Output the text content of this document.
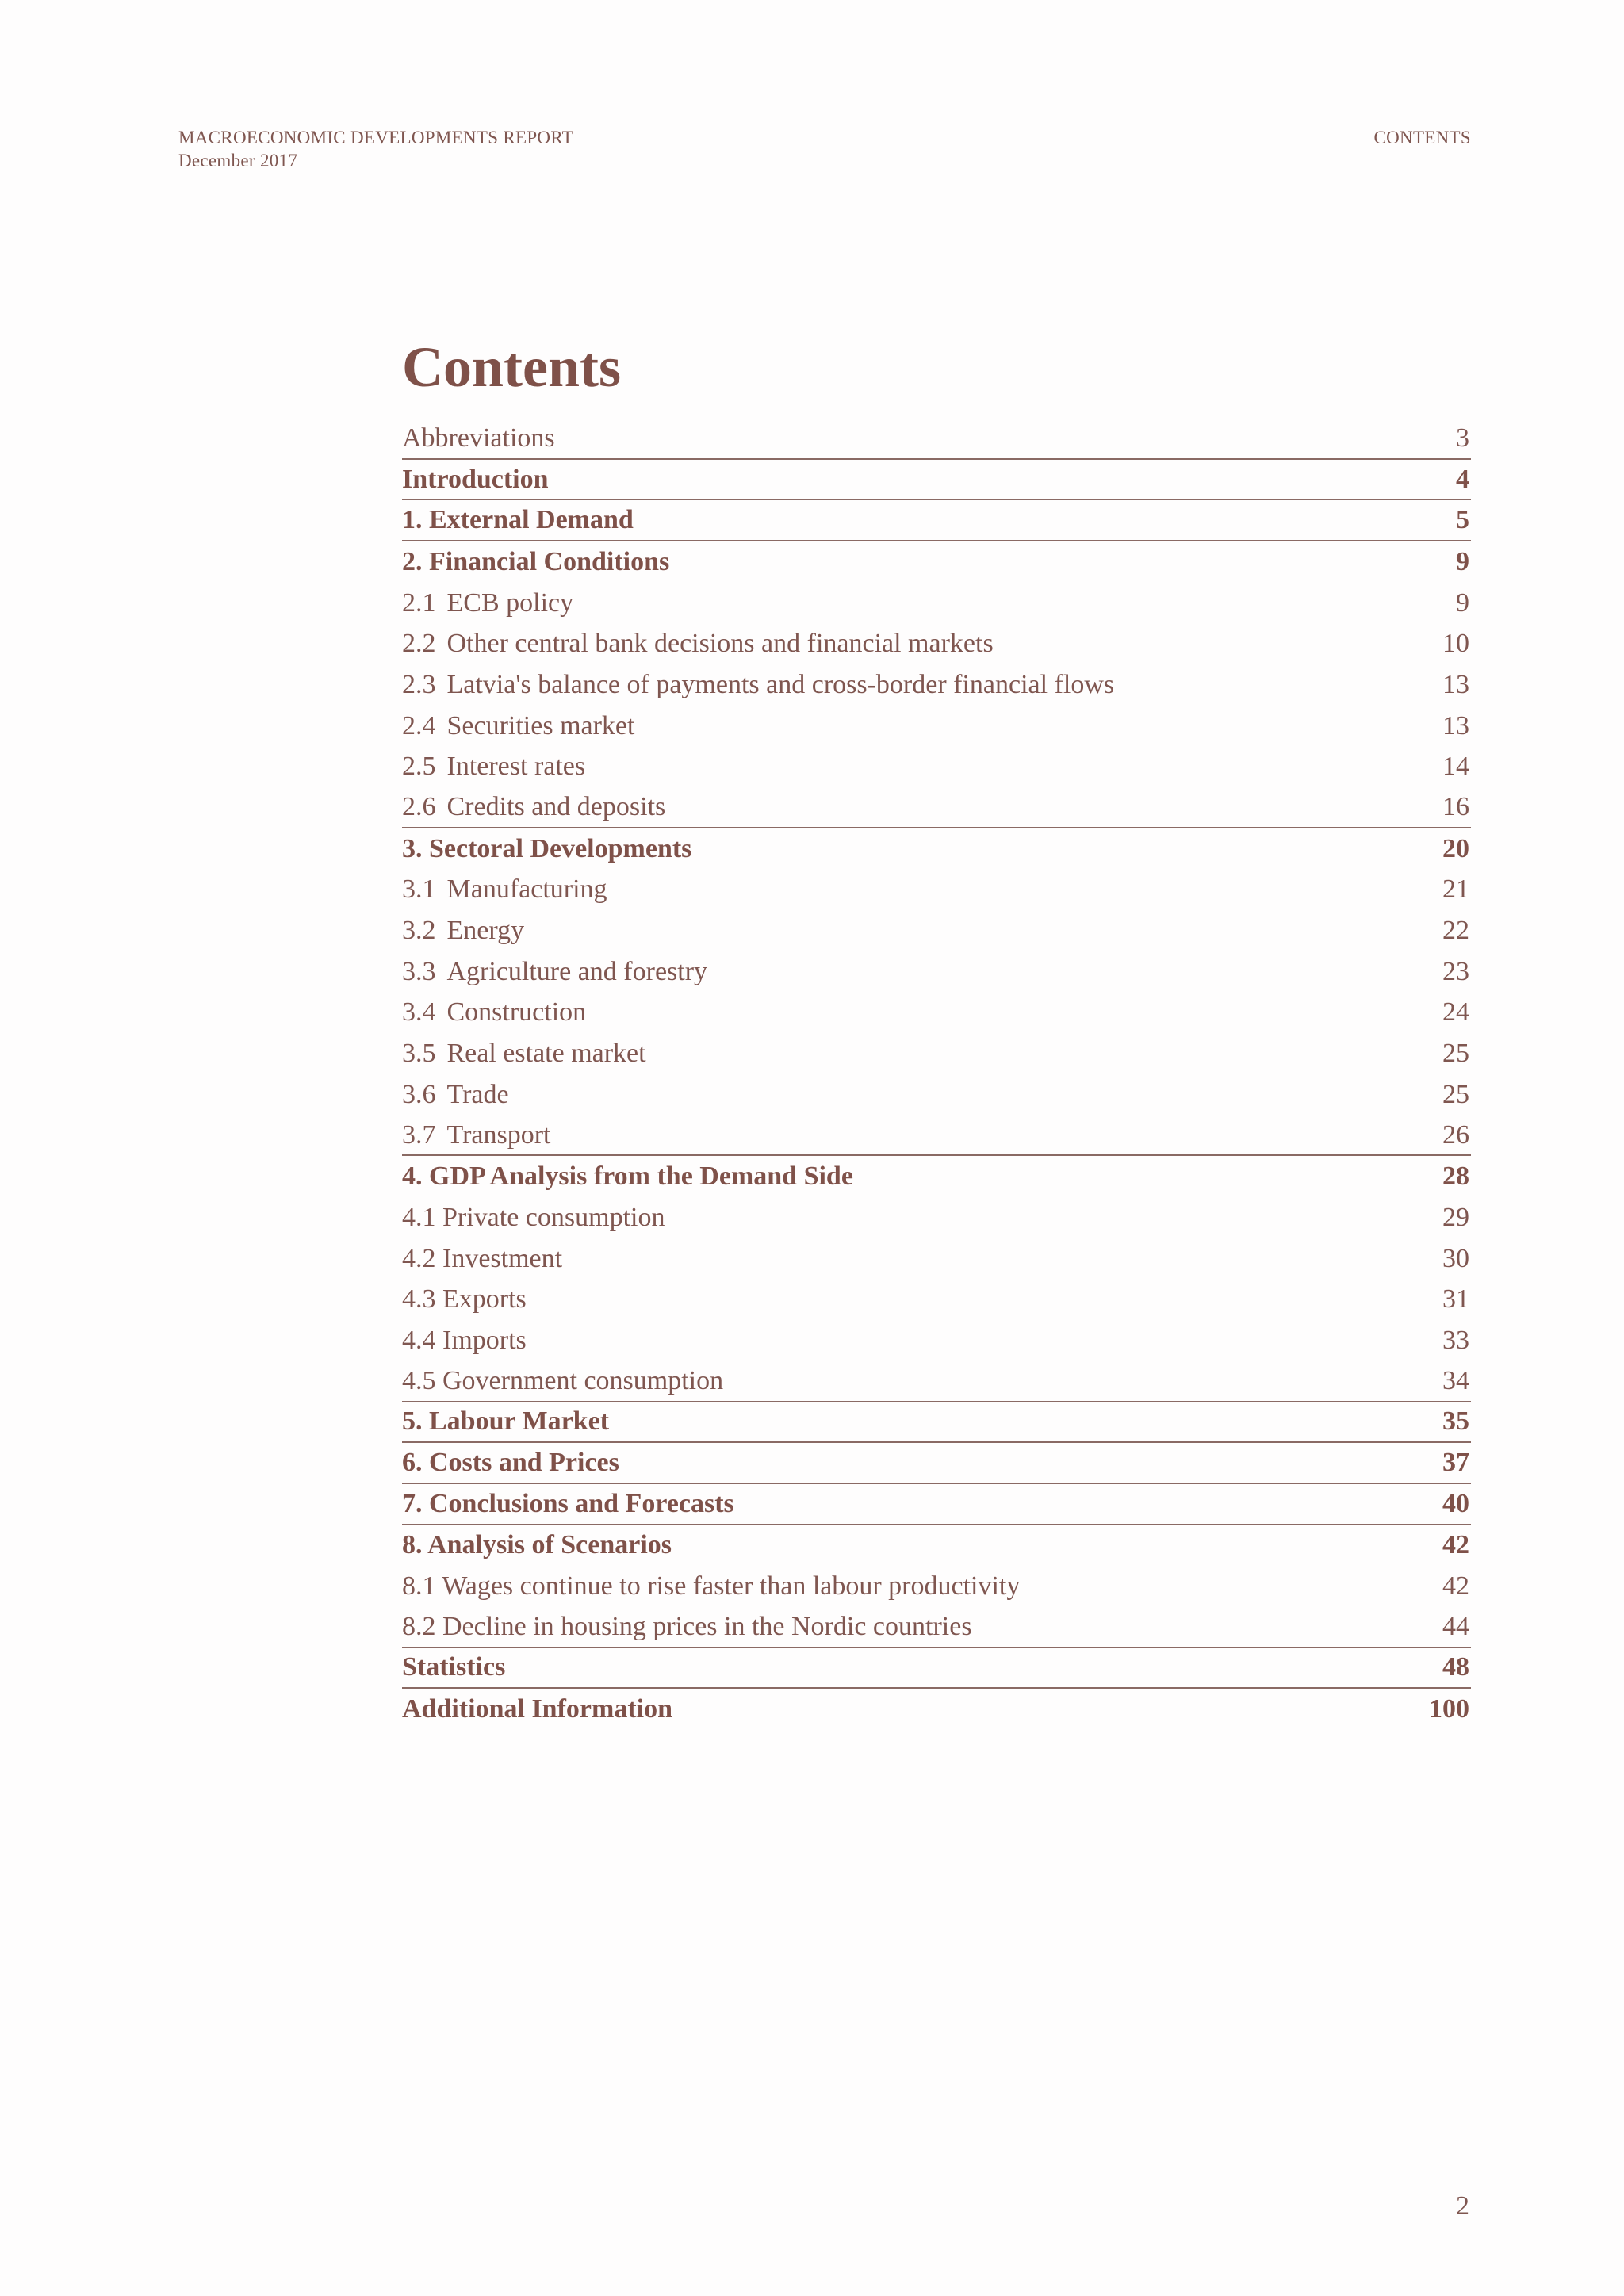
MACROECONOMIC DEVELOPMENTS REPORT
December 2017
CONTENTS
Contents
Abbreviations	3
Introduction	4
1. External Demand	5
2. Financial Conditions	9
2.1 ECB policy	9
2.2 Other central bank decisions and financial markets	10
2.3 Latvia's balance of payments and cross-border financial flows	13
2.4 Securities market	13
2.5 Interest rates	14
2.6 Credits and deposits	16
3. Sectoral Developments	20
3.1 Manufacturing	21
3.2 Energy	22
3.3 Agriculture and forestry	23
3.4 Construction	24
3.5 Real estate market	25
3.6 Trade	25
3.7 Transport	26
4. GDP Analysis from the Demand Side	28
4.1 Private consumption	29
4.2 Investment	30
4.3 Exports	31
4.4 Imports	33
4.5 Government consumption	34
5. Labour Market	35
6. Costs and Prices	37
7. Conclusions and Forecasts	40
8. Analysis of Scenarios	42
8.1 Wages continue to rise faster than labour productivity	42
8.2 Decline in housing prices in the Nordic countries	44
Statistics	48
Additional Information	100
2
